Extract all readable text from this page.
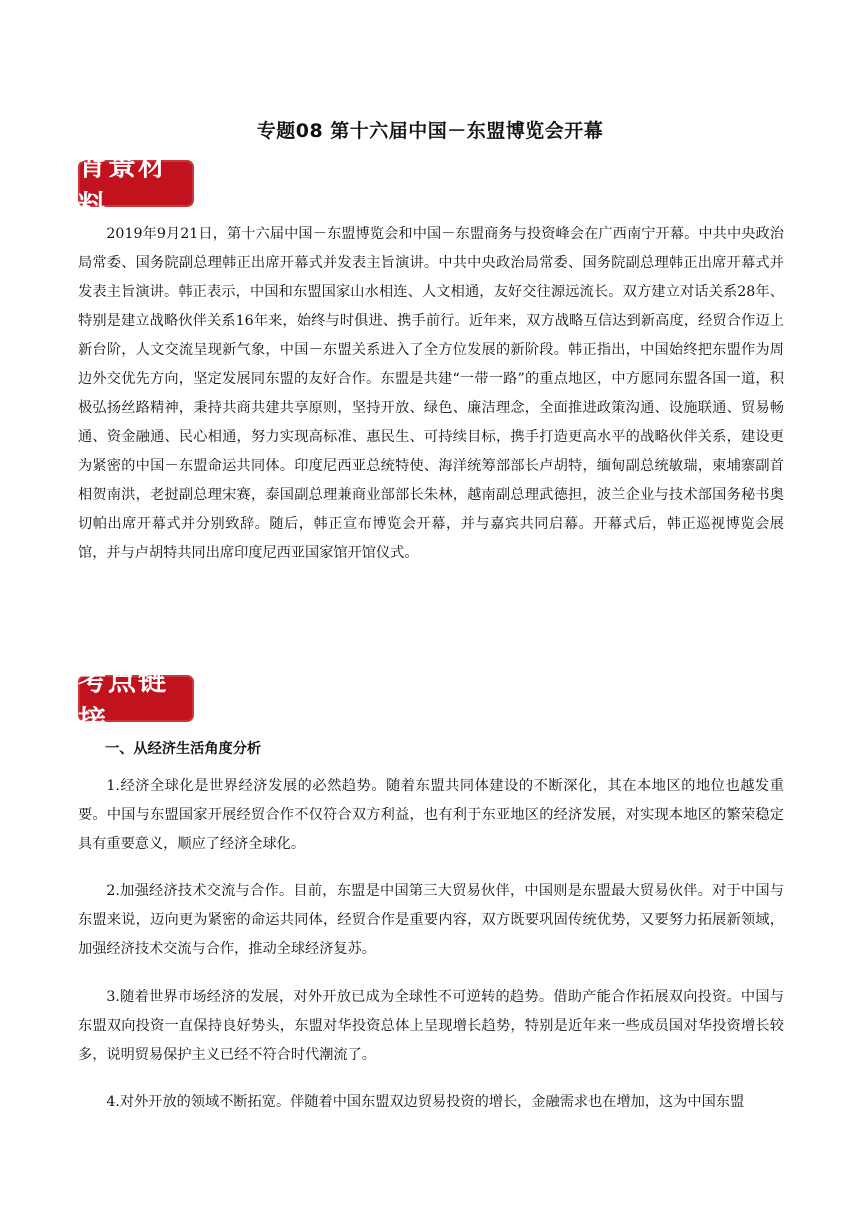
专题08 第十六届中国－东盟博览会开幕
背景材料

2019年9月21日，第十六届中国－东盟博览会和中国－东盟商务与投资峰会在广西南宁开幕。中共中央政治局常委、国务院副总理韩正出席开幕式并发表主旨演讲。中共中央政治局常委、国务院副总理韩正出席开幕式并发表主旨演讲。韩正表示，中国和东盟国家山水相连、人文相通，友好交往源远流长。双方建立对话关系28年、特别是建立战略伙伴关系16年来，始终与时俱进、携手前行。近年来，双方战略互信达到新高度，经贸合作迈上新台阶，人文交流呈现新气象，中国－东盟关系进入了全方位发展的新阶段。韩正指出，中国始终把东盟作为周边外交优先方向，坚定发展同东盟的友好合作。东盟是共建“一带一路”的重点地区，中方愿同东盟各国一道，积极弘扬丝路精神，秉持共商共建共享原则，坚持开放、绿色、廉洁理念，全面推进政策沟通、设施联通、贸易畅通、资金融通、民心相通，努力实现高标准、惠民生、可持续目标，携手打造更高水平的战略伙伴关系，建设更为紧密的中国－东盟命运共同体。印度尼西亚总统特使、海洋统筹部部长卢胡特，缅甸副总统敏瑞，柬埔寨副首相贺南洪，老挝副总理宋赛，泰国副总理兼商业部部长朱林，越南副总理武德担，波兰企业与技术部国务秘书奥切帕出席开幕式并分别致辞。随后，韩正宣布博览会开幕，并与嘉宾共同启幕。开幕式后，韩正巡视博览会展馆，并与卢胡特共同出席印度尼西亚国家馆开馆仪式。

考点链接
一、从经济生活角度分析

1.经济全球化是世界经济发展的必然趋势。随着东盟共同体建设的不断深化，其在本地区的地位也越发重要。中国与东盟国家开展经贸合作不仅符合双方利益，也有利于东亚地区的经济发展，对实现本地区的繁荣稳定具有重要意义，顺应了经济全球化。

2.加强经济技术交流与合作。目前，东盟是中国第三大贸易伙伴，中国则是东盟最大贸易伙伴。对于中国与东盟来说，迈向更为紧密的命运共同体，经贸合作是重要内容，双方既要巩固传统优势，又要努力拓展新领域，加强经济技术交流与合作，推动全球经济复苏。

3.随着世界市场经济的发展，对外开放已成为全球性不可逆转的趋势。借助产能合作拓展双向投资。中国与东盟双向投资一直保持良好势头，东盟对华投资总体上呈现增长趋势，特别是近年来一些成员国对华投资增长较多，说明贸易保护主义已经不符合时代潮流了。

4.对外开放的领域不断拓宽。伴随着中国东盟双边贸易投资的增长，金融需求也在增加，这为中国东盟
